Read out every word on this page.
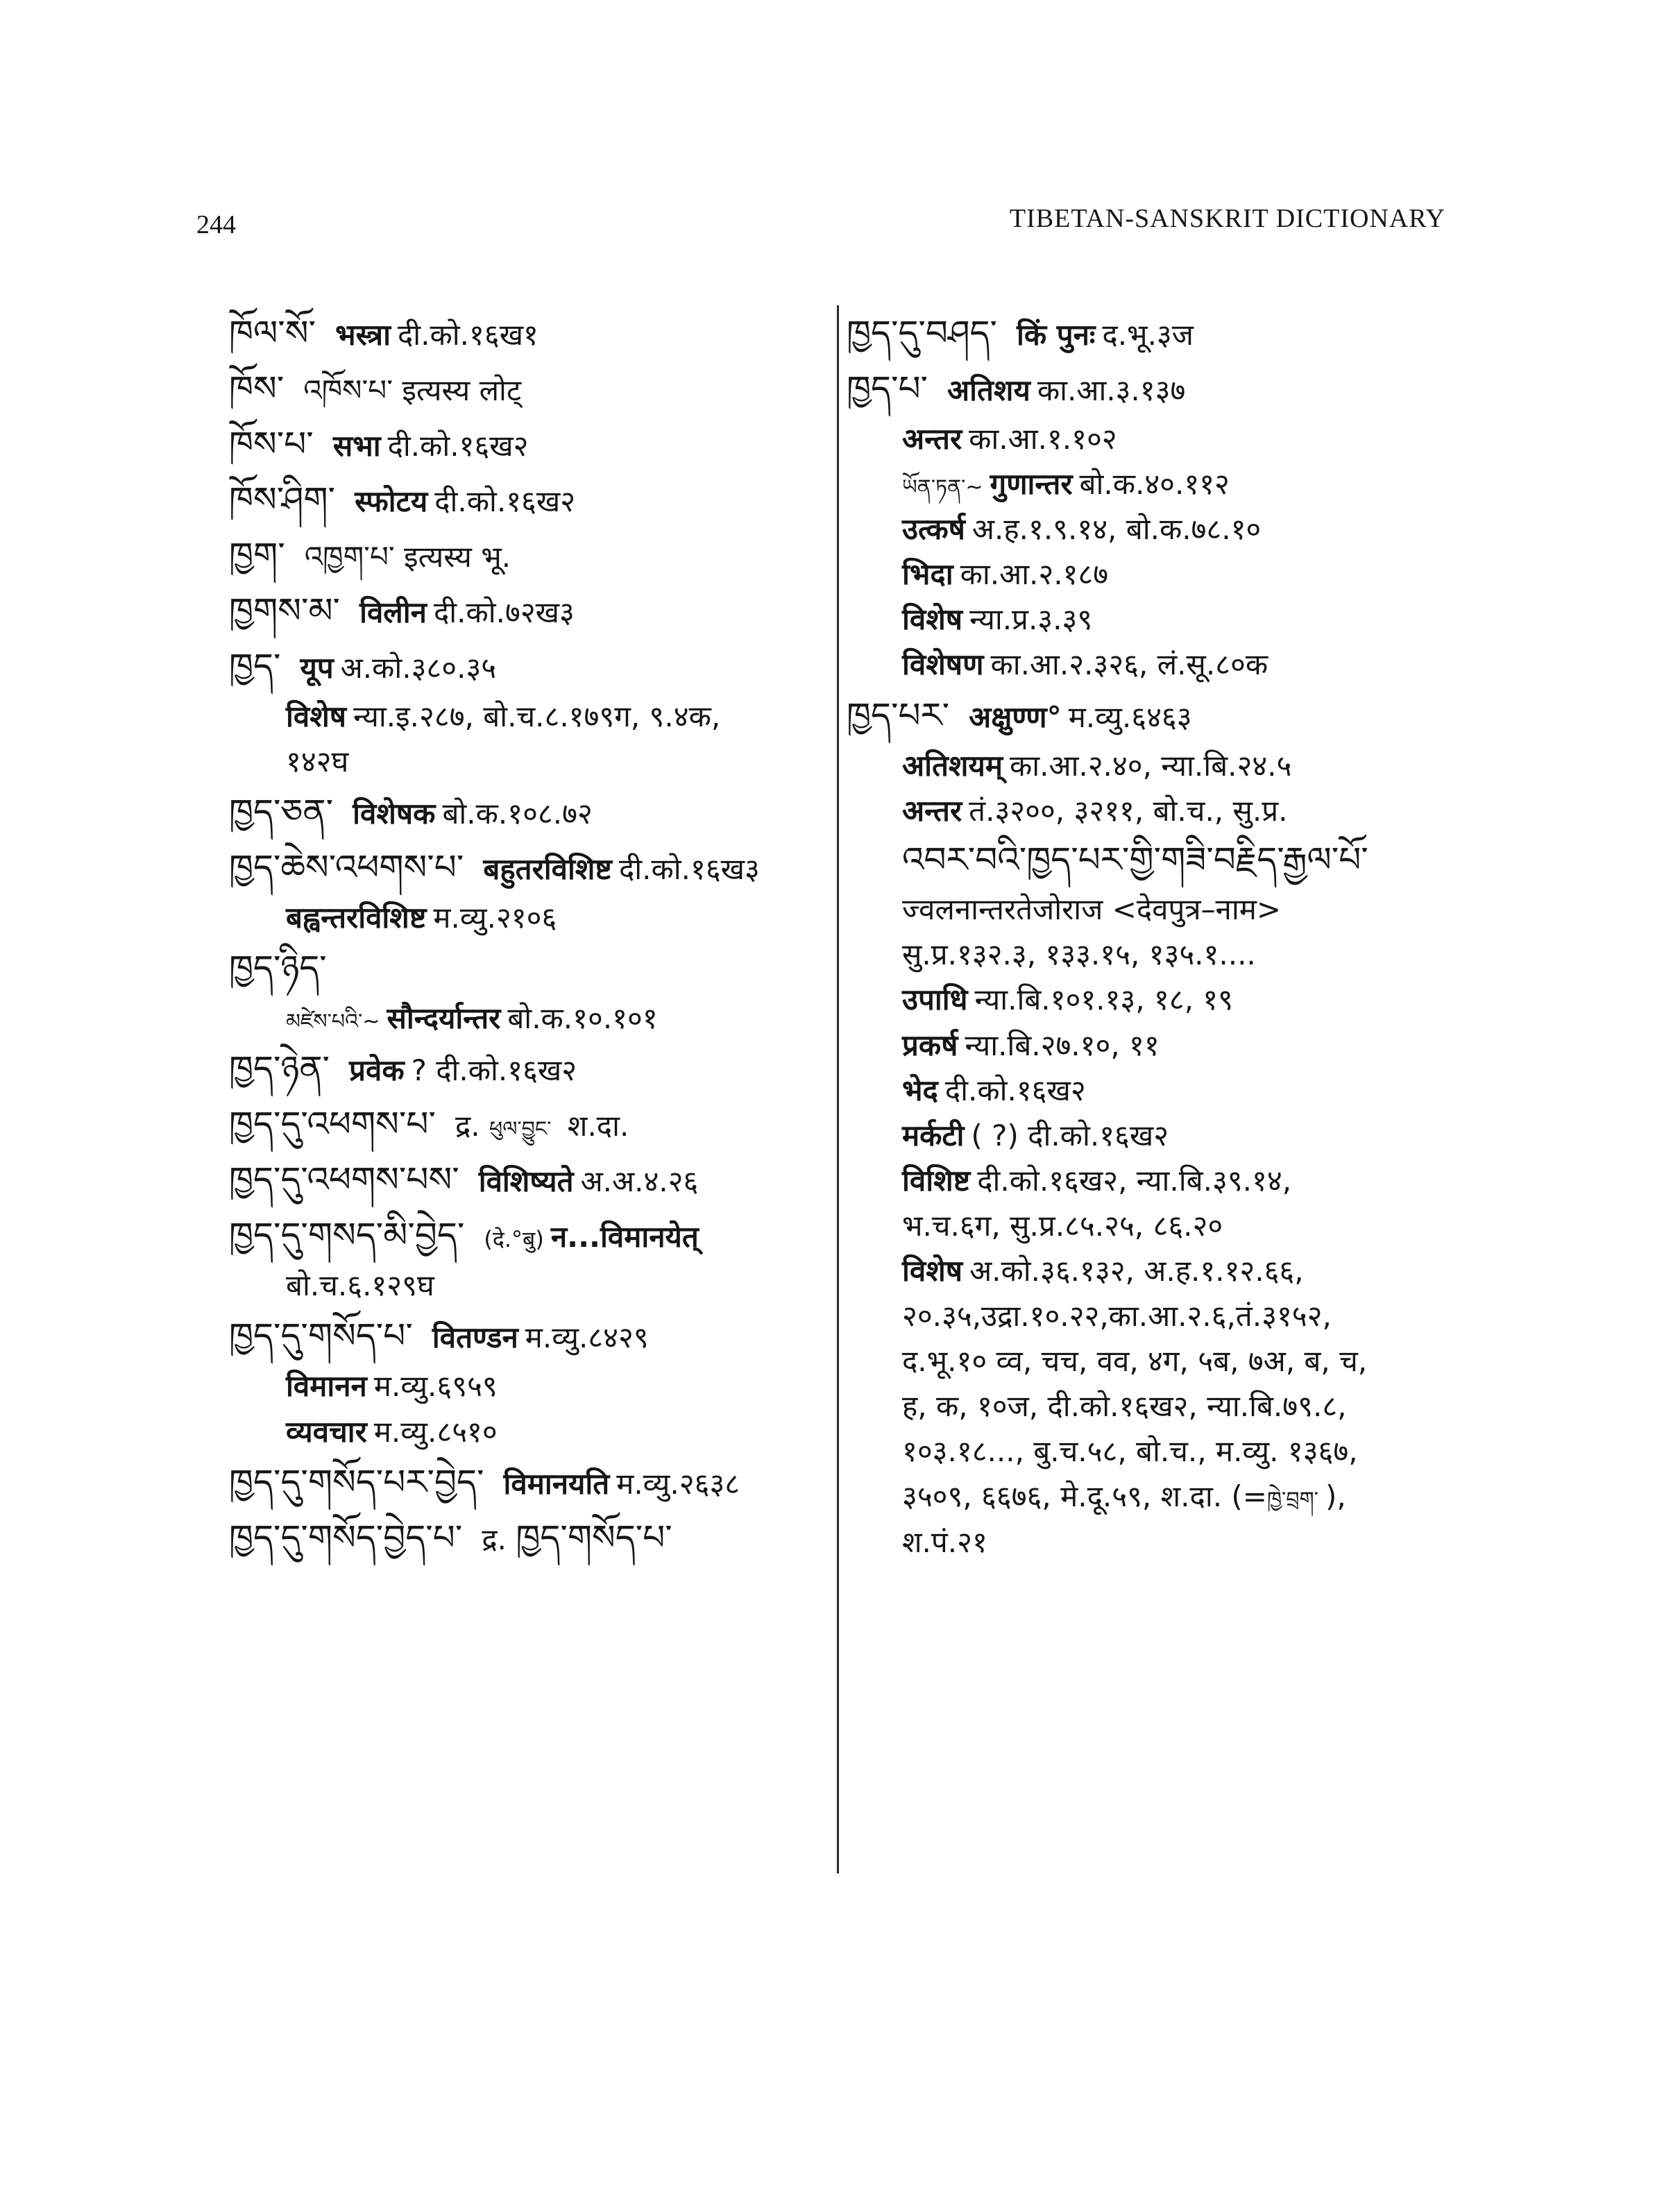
244	TIBETAN-SANSKRIT DICTIONARY

ཁོལ་སོ་ भस्त्रा दी.को.१६ख१

ཁོས་ འཁོས་པ་ इत्यस्य लोट्

ཁོས་པ་ सभा दी.को.१६ख२

ཁོས་ཤིག་ स्फोटय दी.को.१६ख२

ཁྱག་ འཁྱག་པ་ इत्यस्य भू.

ཁྱགས་མ་ विलीन दी.को.७२ख३

ཁྱད་ यूप अ.को.३८०.३५

विशेष न्या.इ.२८७, बो.च.८.१७९ग, ९.४क,
१४२घ

ཁྱད་ཅན་ विशेषक बो.क.१०८.७२

ཁྱད་ཆེས་འཕགས་པ་ बहुतरविशिष्ट दी.को.१६ख३

बह्वन्तरविशिष्ट म.व्यु.२१०६

ཁྱད་ཉིད་

མཛེས་པའི་~ सौन्दर्यान्तर बो.क.१०.१०१

ཁྱད་ཉེན་ प्रवेक ? दी.को.१६ख२

ཁྱད་དུ་འཕགས་པ་ द्र. ཕུལ་བྱུང་ श.दा.

ཁྱད་དུ་འཕགས་པས་ विशिष्यते अ.अ.४.२६

ཁྱད་དུ་གསད་མི་བྱེད་ (दे.°बु) न...विमानयेत्

बो.च.६.१२९घ

ཁྱད་དུ་གསོད་པ་ वितण्डन म.व्यु.८४२९

विमानन म.व्यु.६९५९

व्यवचार म.व्यु.८५१०

ཁྱད་དུ་གསོད་པར་བྱེད་ विमानयति म.व्यु.२६३८

ཁྱད་དུ་གསོད་བྱེད་པ་ द्र. ཁྱད་གསོད་པ་

ཁྱད་དུ་བཤད་ किं पुनः द.भू.३ज

ཁྱད་པ་ अतिशय का.आ.३.१३७

अन्तर का.आ.१.१०२

ཡོན་ཏན་~ गुणान्तर बो.क.४०.११२

उत्कर्ष अ.ह.१.९.१४, बो.क.७८.१०

भिदा का.आ.२.१८७

विशेष न्या.प्र.३.३९

विशेषण का.आ.२.३२६, लं.सू.८०क

ཁྱད་པར་ अक्षुण्ण° म.व्यु.६४६३

अतिशयम् का.आ.२.४०, न्या.बि.२४.५

अन्तर तं.३२००, ३२११, बो.च., सु.प्र.

འབར་བའི་ཁྱད་པར་གྱི་གཟི་བརྗིད་རྒྱལ་པོ་
ज्वलनान्तरतेजोराज <देवपुत्र–नाम>
सु.प्र.१३२.३, १३३.१५, १३५.१....

उपाधि न्या.बि.१०१.१३, १८, १९

प्रकर्ष न्या.बि.२७.१०, ११

भेद दी.को.१६ख२

मर्कटी ( ?) दी.को.१६ख२

विशिष्ट दी.को.१६ख२, न्या.बि.३९.१४,
भ.च.६ग, सु.प्र.८५.२५, ८६.२०

विशेष अ.को.३६.१३२, अ.ह.१.१२.६६,
२०.३५,उद्रा.१०.२२,का.आ.२.६,तं.३१५२,
द.भू.१० व्व, चच, वव, ४ग, ५ब, ७अ, ब, च,
ह, क, १०ज, दी.को.१६ख२, न्या.बि.७९.८,
१०३.१८..., बु.च.५८, बो.च., म.व्यु. १३६७,
३५०९, ६६७६, मे.दू.५९, श.दा. (=ཁྱེ་བྲག་ ),
श.पं.२१
